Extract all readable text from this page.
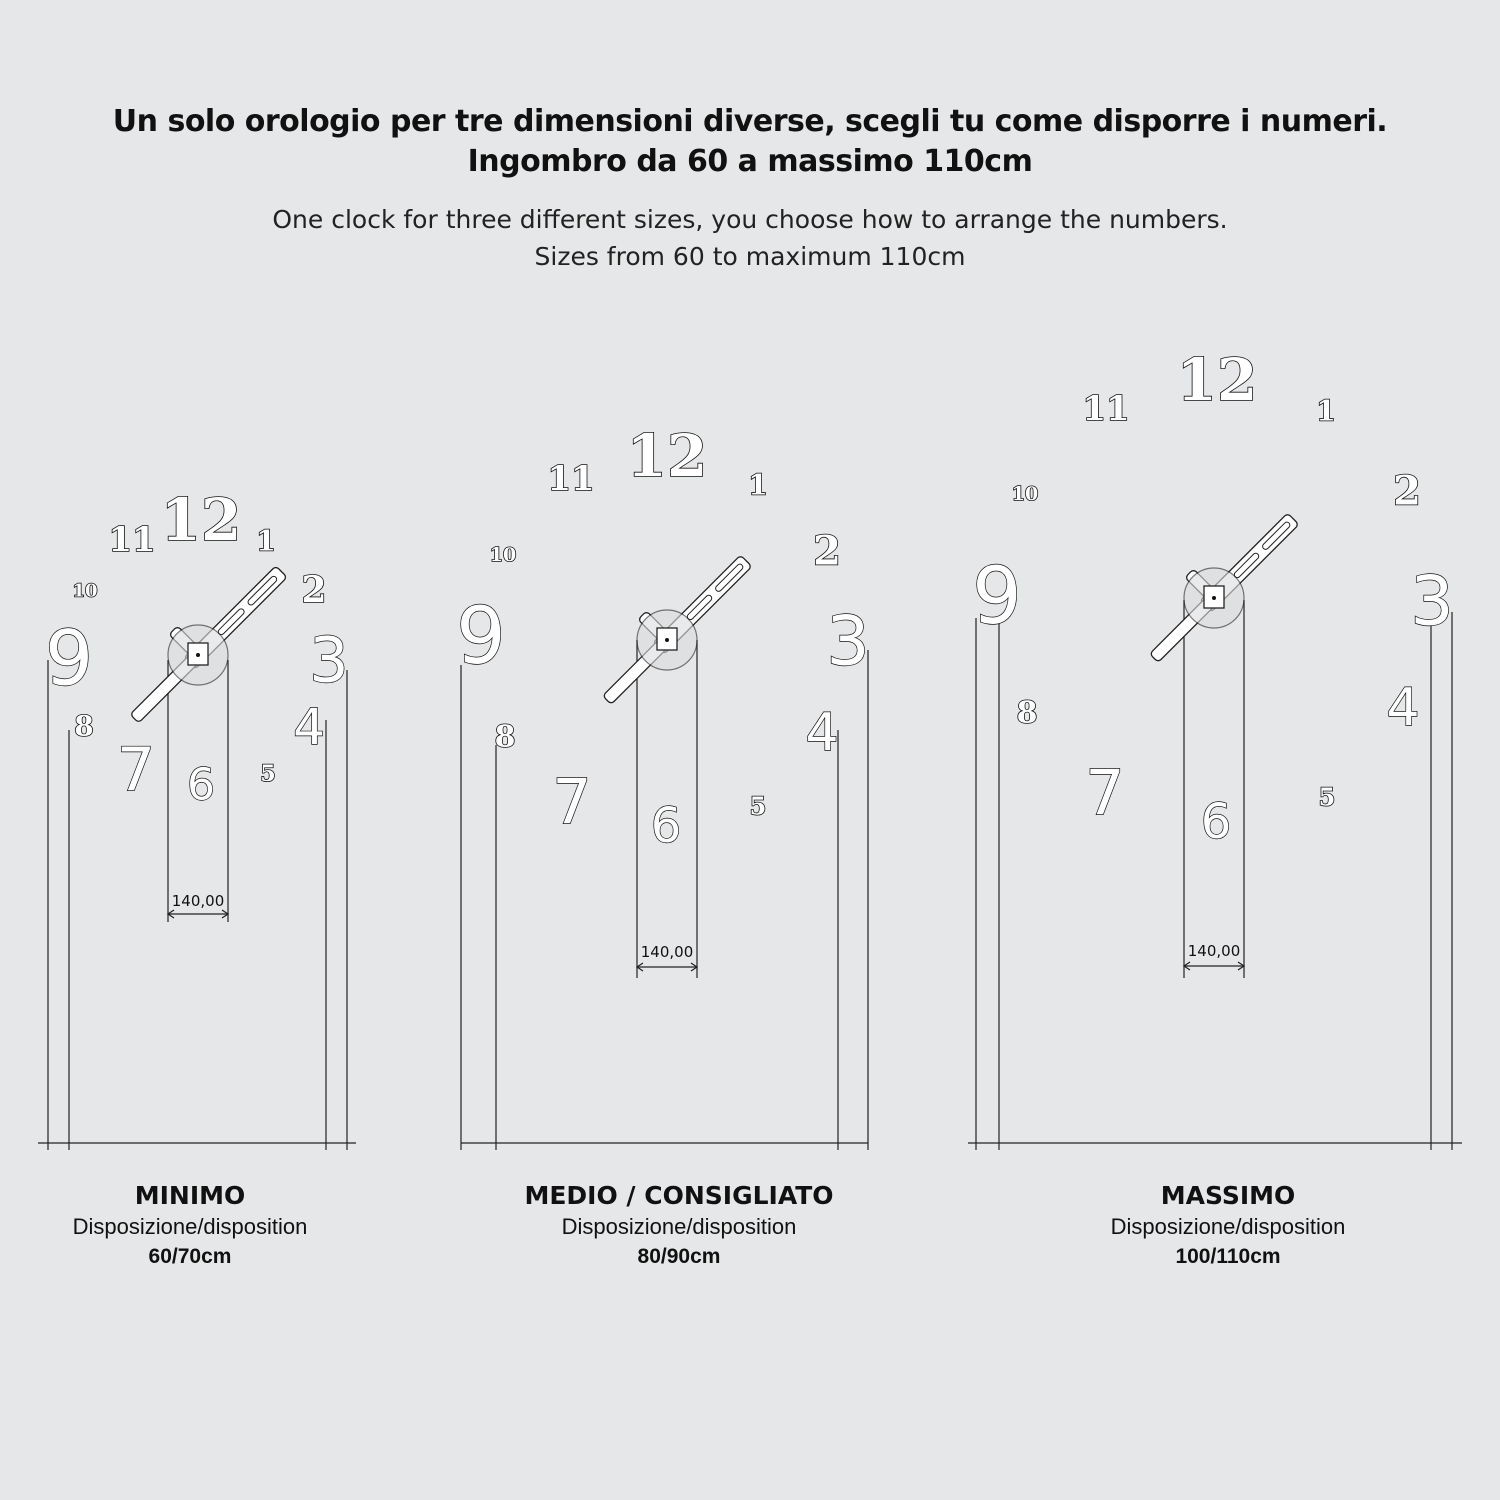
Un solo orologio per tre dimensioni diverse, scegli tu come disporre i numeri.
Ingombro da 60 a massimo 110cm

One clock for three different sizes, you choose how to arrange the numbers.

Sizes from 60 to maximum 110cm

140,00
12 1
2
3
4
5
6
7
8
9
10
11
140,00
12 1
2
3
4
5
6
7
8
9
10
11
140,00
12 1
2
3
4
5
6
7
8
9
10
11

MINIMO

Disposizione/disposition

60/70cm

MEDIO / CONSIGLIATO

Disposizione/disposition

80/90cm

MASSIMO

Disposizione/disposition

100/110cm
